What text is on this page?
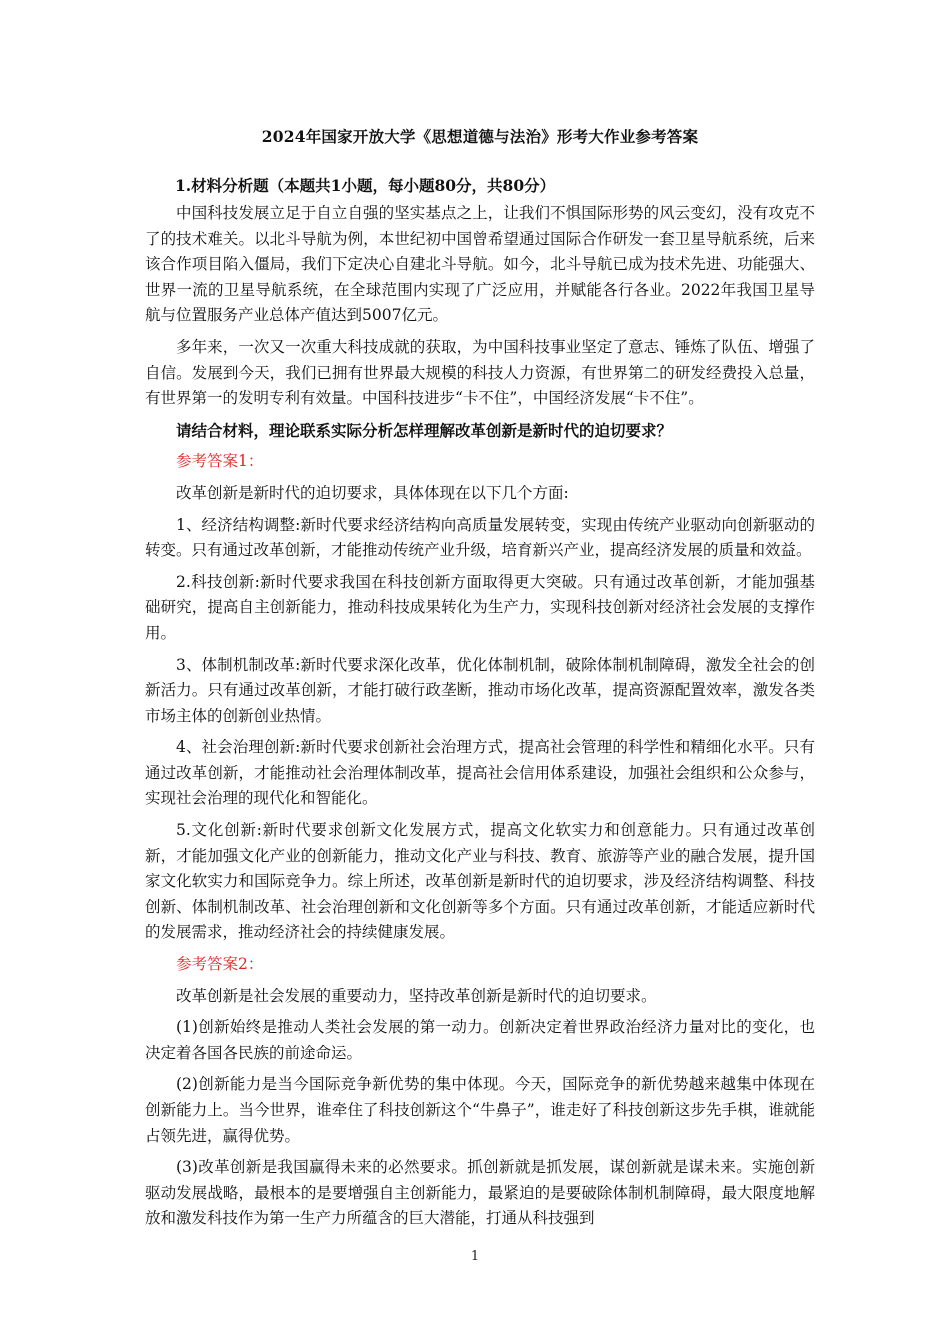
2024年国家开放大学《思想道德与法治》形考大作业参考答案
1.材料分析题（本题共1小题，每小题80分，共80分）

中国科技发展立足于自立自强的坚实基点之上，让我们不惧国际形势的风云变幻，没有攻克不了的技术难关。以北斗导航为例，本世纪初中国曾希望通过国际合作研发一套卫星导航系统，后来该合作项目陷入僵局，我们下定决心自建北斗导航。如今，北斗导航已成为技术先进、功能强大、世界一流的卫星导航系统，在全球范围内实现了广泛应用，并赋能各行各业。2022年我国卫星导航与位置服务产业总体产值达到5007亿元。

多年来，一次又一次重大科技成就的获取，为中国科技事业坚定了意志、锤炼了队伍、增强了自信。发展到今天，我们已拥有世界最大规模的科技人力资源，有世界第二的研发经费投入总量，有世界第一的发明专利有效量。中国科技进步“卡不住”，中国经济发展“卡不住”。

请结合材料，理论联系实际分析怎样理解改革创新是新时代的迫切要求？

参考答案1：

改革创新是新时代的迫切要求，具体体现在以下几个方面:

1、经济结构调整:新时代要求经济结构向高质量发展转变，实现由传统产业驱动向创新驱动的转变。只有通过改革创新，才能推动传统产业升级，培育新兴产业，提高经济发展的质量和效益。

2.科技创新:新时代要求我国在科技创新方面取得更大突破。只有通过改革创新，才能加强基础研究，提高自主创新能力，推动科技成果转化为生产力，实现科技创新对经济社会发展的支撑作用。

3、体制机制改革:新时代要求深化改革，优化体制机制，破除体制机制障碍，激发全社会的创新活力。只有通过改革创新，才能打破行政垄断，推动市场化改革，提高资源配置效率，激发各类市场主体的创新创业热情。

4、社会治理创新:新时代要求创新社会治理方式，提高社会管理的科学性和精细化水平。只有通过改革创新，才能推动社会治理体制改革，提高社会信用体系建设，加强社会组织和公众参与，实现社会治理的现代化和智能化。

5.文化创新:新时代要求创新文化发展方式，提高文化软实力和创意能力。只有通过改革创新，才能加强文化产业的创新能力，推动文化产业与科技、教育、旅游等产业的融合发展，提升国家文化软实力和国际竞争力。综上所述，改革创新是新时代的迫切要求，涉及经济结构调整、科技创新、体制机制改革、社会治理创新和文化创新等多个方面。只有通过改革创新，才能适应新时代的发展需求，推动经济社会的持续健康发展。

参考答案2：

改革创新是社会发展的重要动力，坚持改革创新是新时代的迫切要求。

(1)创新始终是推动人类社会发展的第一动力。创新决定着世界政治经济力量对比的变化，也决定着各国各民族的前途命运。

(2)创新能力是当今国际竞争新优势的集中体现。今天，国际竞争的新优势越来越集中体现在创新能力上。当今世界，谁牵住了科技创新这个“牛鼻子”，谁走好了科技创新这步先手棋，谁就能占领先进，赢得优势。

(3)改革创新是我国赢得未来的必然要求。抓创新就是抓发展，谋创新就是谋未来。实施创新驱动发展战略，最根本的是要增强自主创新能力，最紧迫的是要破除体制机制障碍，最大限度地解放和激发科技作为第一生产力所蕴含的巨大潜能，打通从科技强到

1
